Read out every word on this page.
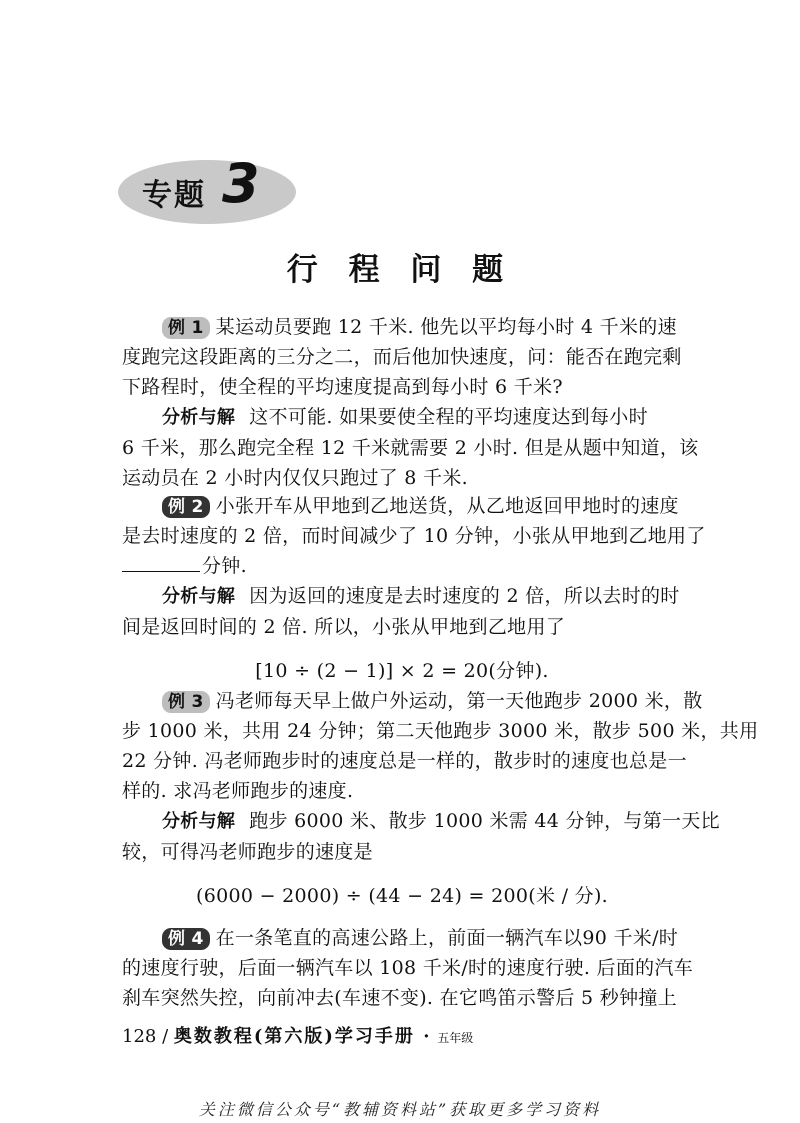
专题 3
行 程 问 题
例 1 某运动员要跑 12 千米. 他先以平均每小时 4 千米的速
度跑完这段距离的三分之二，而后他加快速度，问：能否在跑完剩
下路程时，使全程的平均速度提高到每小时 6 千米?
分析与解 这不可能. 如果要使全程的平均速度达到每小时
6 千米，那么跑完全程 12 千米就需要 2 小时. 但是从题中知道，该
运动员在 2 小时内仅仅只跑过了 8 千米.
例 2 小张开车从甲地到乙地送货，从乙地返回甲地时的速度
是去时速度的 2 倍，而时间减少了 10 分钟，小张从甲地到乙地用了
分钟.
分析与解 因为返回的速度是去时速度的 2 倍，所以去时的时
间是返回时间的 2 倍. 所以，小张从甲地到乙地用了
[10 ÷ (2 − 1)] × 2 = 20(分钟).
例 3 冯老师每天早上做户外运动，第一天他跑步 2000 米，散
步 1000 米，共用 24 分钟；第二天他跑步 3000 米，散步 500 米，共用
22 分钟. 冯老师跑步时的速度总是一样的，散步时的速度也总是一
样的. 求冯老师跑步的速度.
分析与解 跑步 6000 米、散步 1000 米需 44 分钟，与第一天比
较，可得冯老师跑步的速度是
(6000 − 2000) ÷ (44 − 24) = 200(米 / 分).
例 4 在一条笔直的高速公路上，前面一辆汽车以90 千米/时
的速度行驶，后面一辆汽车以 108 千米/时的速度行驶. 后面的汽车
刹车突然失控，向前冲去(车速不变). 在它鸣笛示警后 5 秒钟撞上
128 / 奥数教程(第六版)学习手册 · 五年级
关注微信公众号“教辅资料站”获取更多学习资料
